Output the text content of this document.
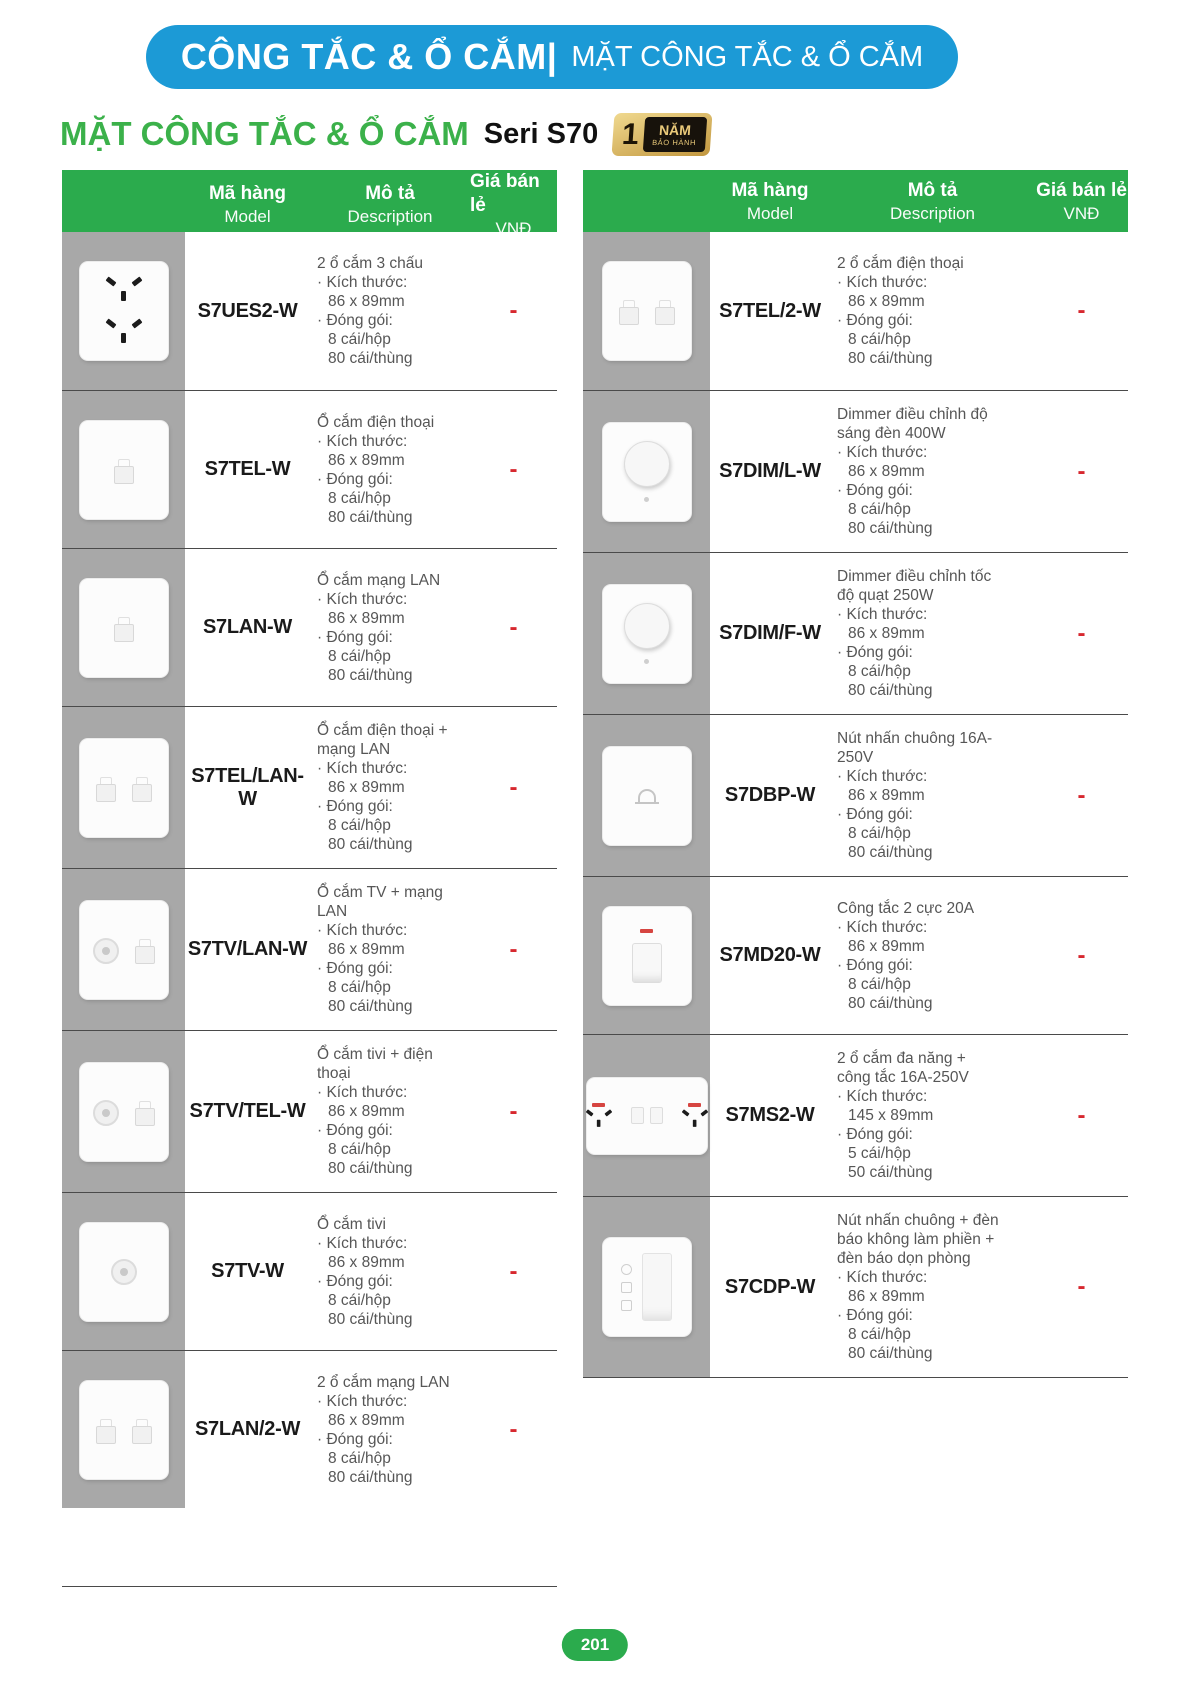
CÔNG TẮC & Ổ CẮM| MẶT CÔNG TẮC & Ổ CẮM
MẶT CÔNG TẮC & Ổ CẮM Seri S70 1 NĂM
BẢO HÀNH
Mã hàng
Model
Mô tả
Description
Giá bán lẻ
VNĐ
S7UES2-W
2 ổ cắm 3 chấu
· Kích thước:
86 x 89mm
· Đóng gói:
8 cái/hộp
80 cái/thùng
-
S7TEL-W
Ổ cắm điện thoại
· Kích thước:
86 x 89mm
· Đóng gói:
8 cái/hộp
80 cái/thùng
-
S7LAN-W
Ổ cắm mạng LAN
· Kích thước:
86 x 89mm
· Đóng gói:
8 cái/hộp
80 cái/thùng
-
S7TEL/LAN-W
Ổ cắm điện thoại +
mạng LAN
· Kích thước:
86 x 89mm
· Đóng gói:
8 cái/hộp
80 cái/thùng
-
S7TV/LAN-W
Ổ cắm TV + mạng LAN
· Kích thước:
86 x 89mm
· Đóng gói:
8 cái/hộp
80 cái/thùng
-
S7TV/TEL-W
Ổ cắm tivi + điện thoại
· Kích thước:
86 x 89mm
· Đóng gói:
8 cái/hộp
80 cái/thùng
-
S7TV-W
Ổ cắm tivi
· Kích thước:
86 x 89mm
· Đóng gói:
8 cái/hộp
80 cái/thùng
-
S7LAN/2-W
2 ổ cắm mạng LAN
· Kích thước:
86 x 89mm
· Đóng gói:
8 cái/hộp
80 cái/thùng
-
Mã hàng
Model
Mô tả
Description
Giá bán lẻ
VNĐ
S7TEL/2-W
2 ổ cắm điện thoại
· Kích thước:
86 x 89mm
· Đóng gói:
8 cái/hộp
80 cái/thùng
-
S7DIM/L-W
Dimmer điều chỉnh độ
sáng đèn 400W
· Kích thước:
86 x 89mm
· Đóng gói:
8 cái/hộp
80 cái/thùng
-
S7DIM/F-W
Dimmer điều chỉnh tốc
độ quạt 250W
· Kích thước:
86 x 89mm
· Đóng gói:
8 cái/hộp
80 cái/thùng
-
S7DBP-W
Nút nhấn chuông 16A-
250V
· Kích thước:
86 x 89mm
· Đóng gói:
8 cái/hộp
80 cái/thùng
-
S7MD20-W
Công tắc 2 cực 20A
· Kích thước:
86 x 89mm
· Đóng gói:
8 cái/hộp
80 cái/thùng
-
S7MS2-W
2 ổ cắm đa năng +
công tắc 16A-250V
· Kích thước:
145 x 89mm
· Đóng gói:
5 cái/hộp
50 cái/thùng
-
S7CDP-W
Nút nhấn chuông + đèn
báo không làm phiền +
đèn báo dọn phòng
· Kích thước:
86 x 89mm
· Đóng gói:
8 cái/hộp
80 cái/thùng
-
201
